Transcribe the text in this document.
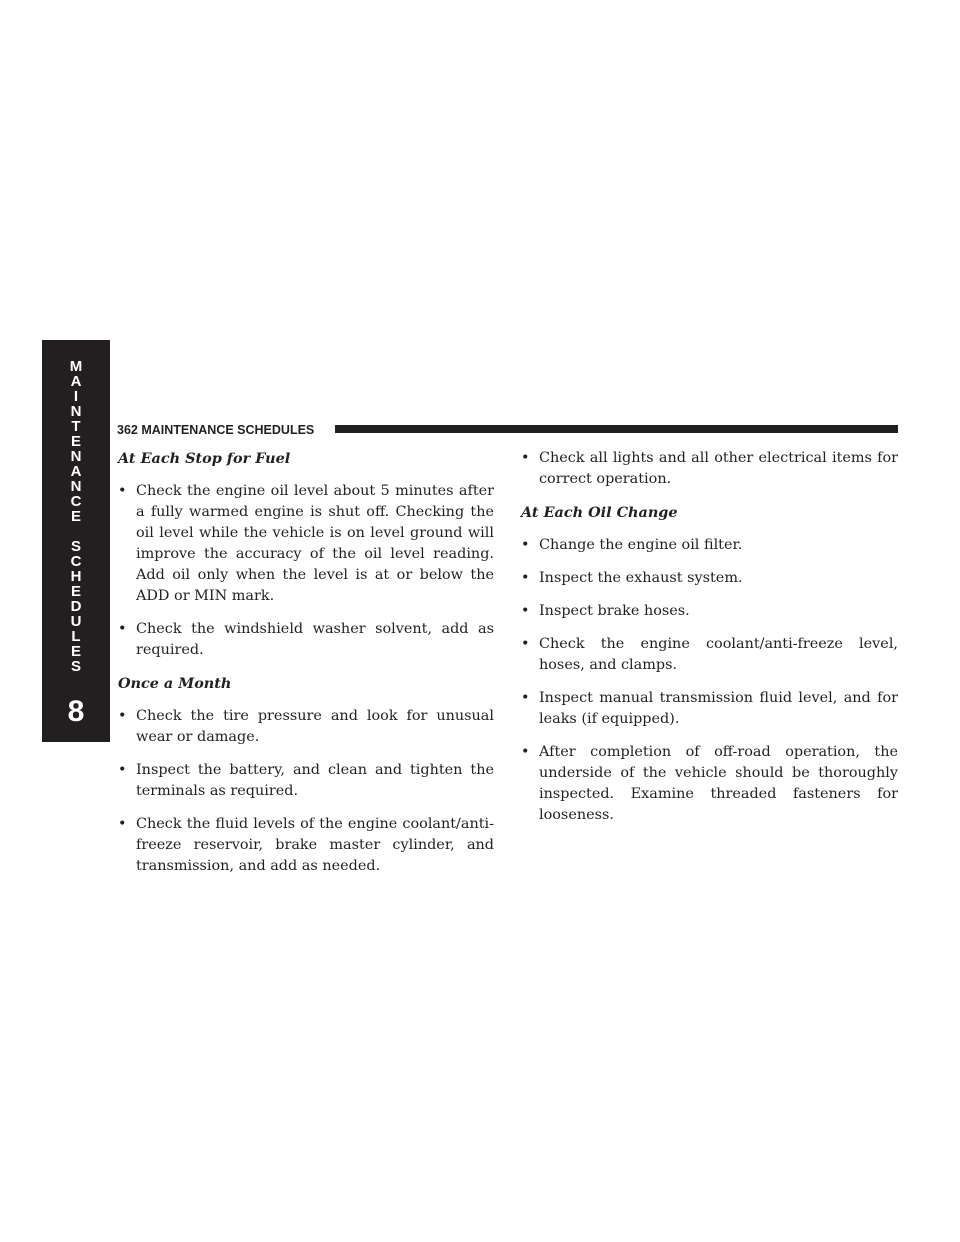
M
A
I
N
T
E
N
A
N
C
E

S
C
H
E
D
U
L
E
S
8
362 MAINTENANCE SCHEDULES
At Each Stop for Fuel
• Check the engine oil level about 5 minutes after a fully warmed engine is shut off. Checking the oil level while the vehicle is on level ground will improve the accuracy of the oil level reading. Add oil only when the level is at or below the ADD or MIN mark.
• Check the windshield washer solvent, add as required.
Once a Month
• Check the tire pressure and look for unusual wear or damage.
• Inspect the battery, and clean and tighten the terminals as required.
• Check the fluid levels of the engine coolant/anti-freeze reservoir, brake master cylinder, and transmission, and add as needed.
• Check all lights and all other electrical items for correct operation.
At Each Oil Change
• Change the engine oil filter.
• Inspect the exhaust system.
• Inspect brake hoses.
• Check the engine coolant/anti-freeze level, hoses, and clamps.
• Inspect manual transmission fluid level, and for leaks (if equipped).
• After completion of off-road operation, the underside of the vehicle should be thoroughly inspected. Examine threaded fasteners for looseness.
